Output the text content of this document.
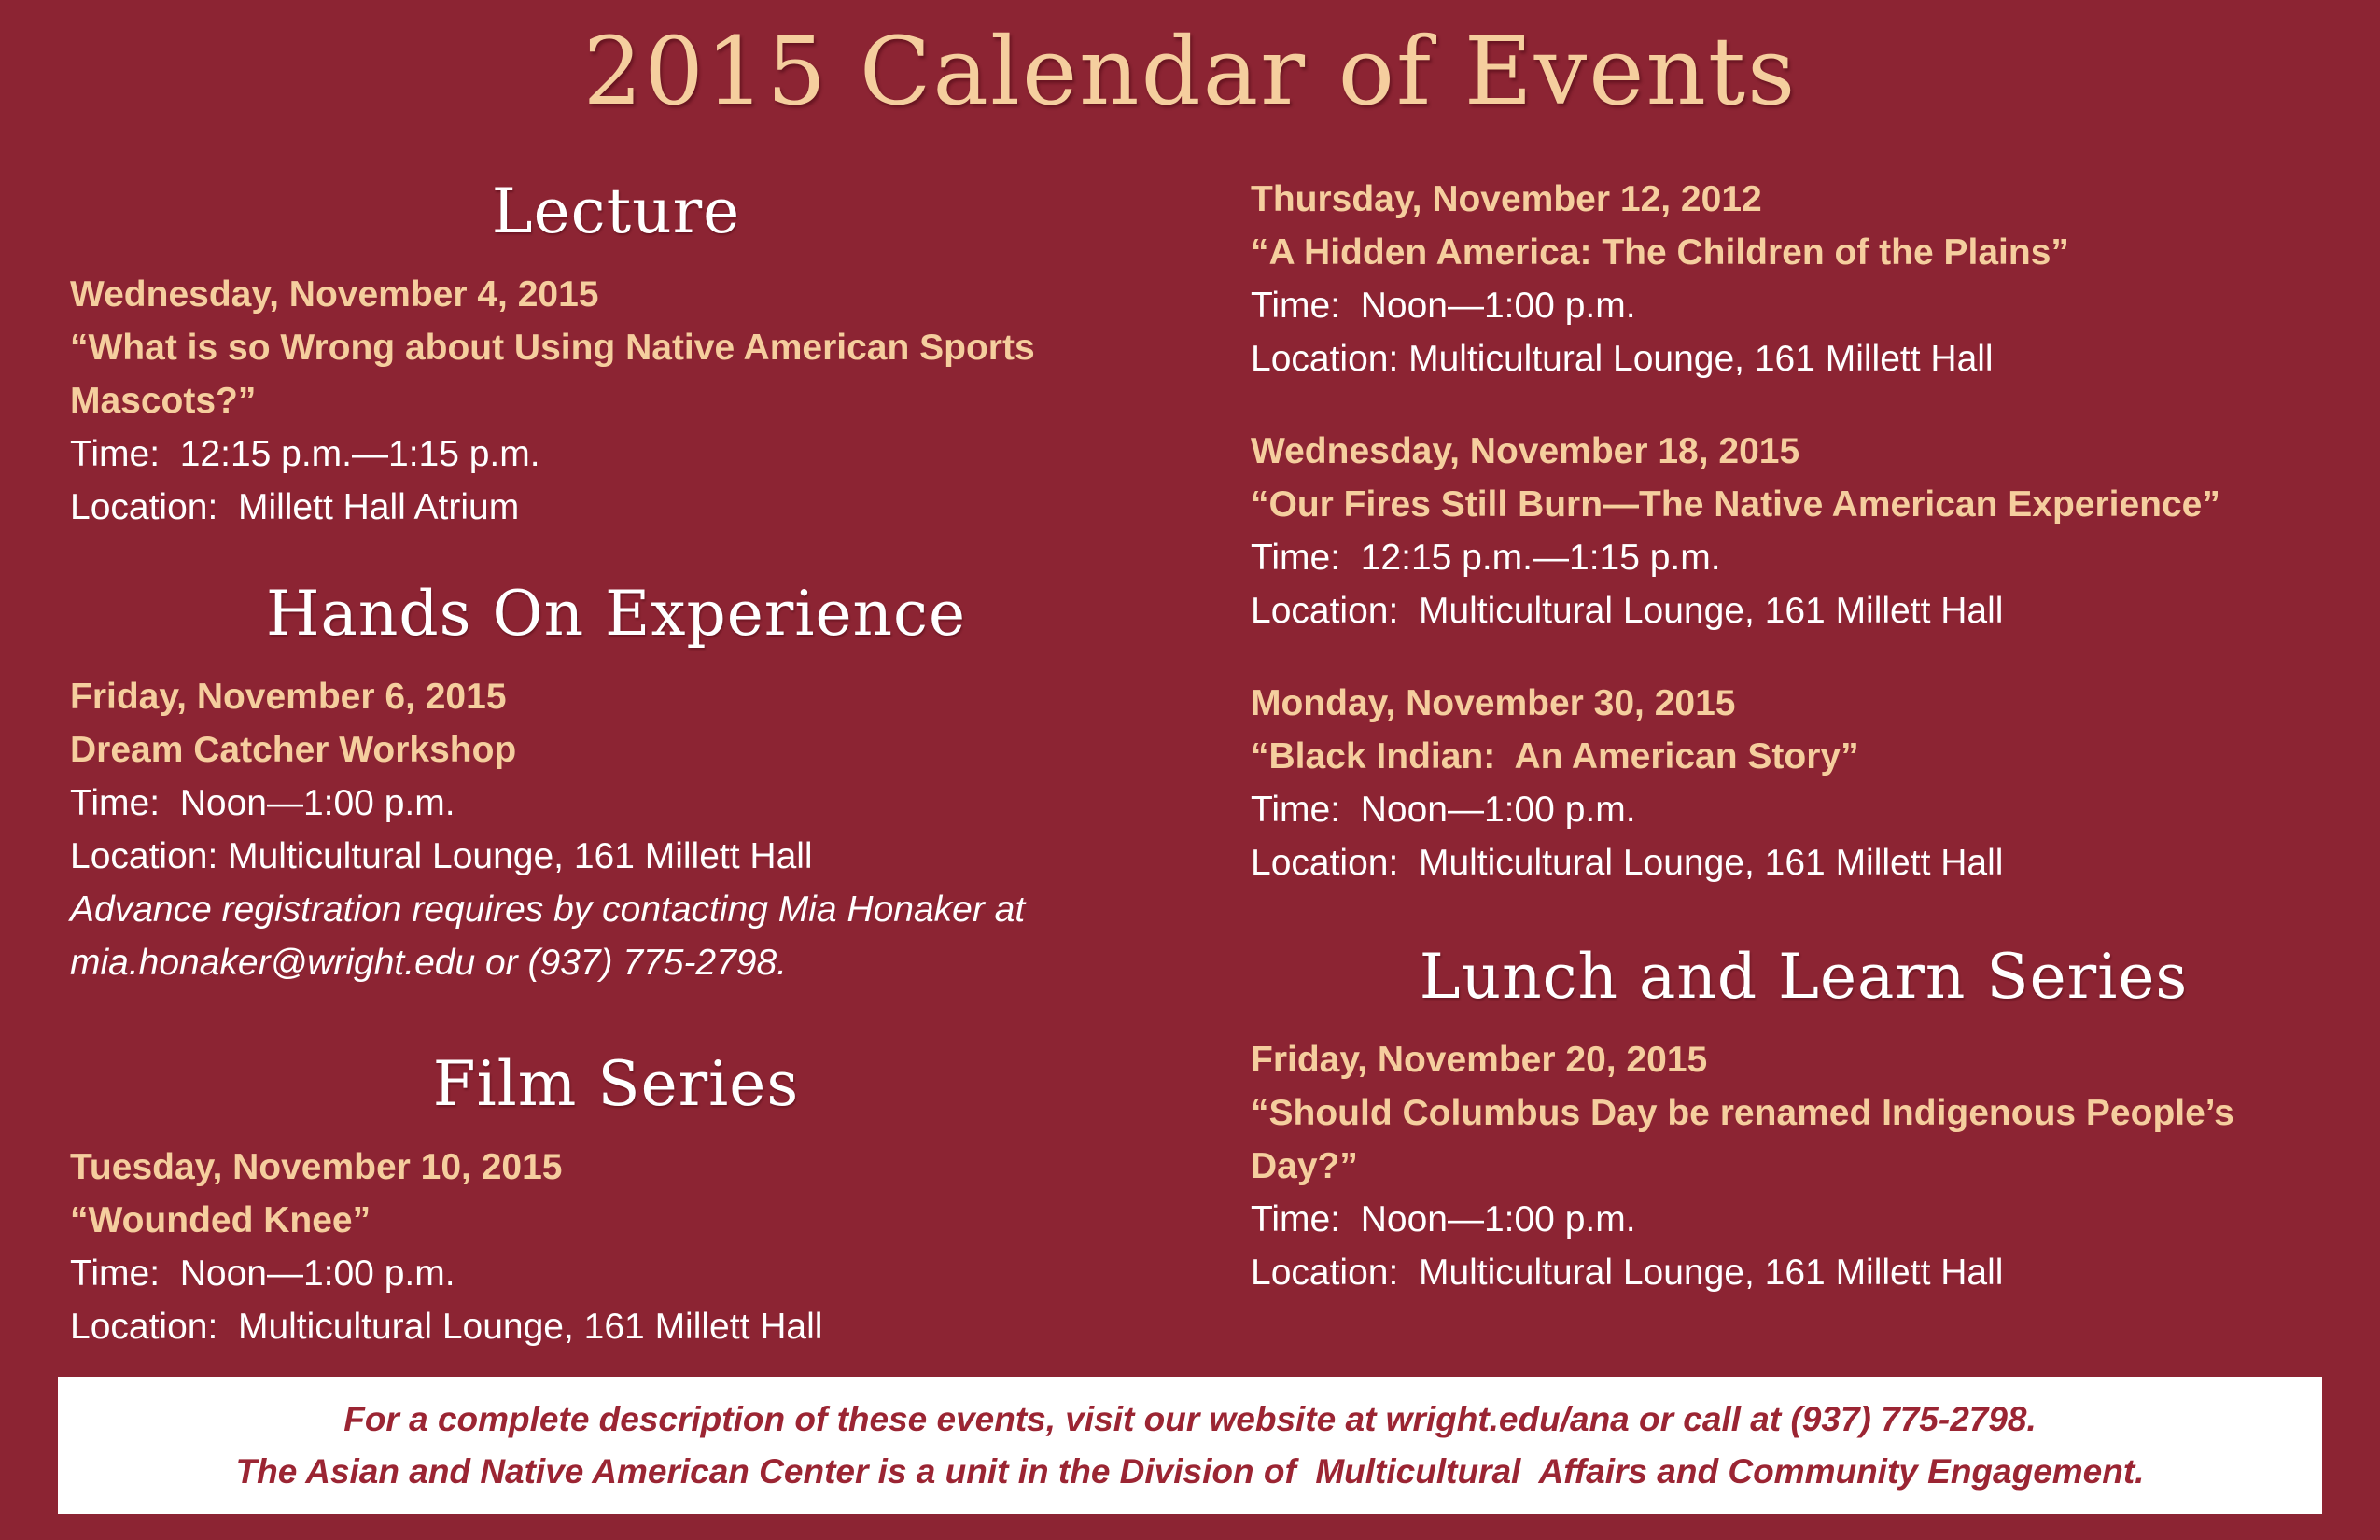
2015 Calendar of Events
Lecture

Wednesday, November 4, 2015

“What is so Wrong about Using Native American Sports Mascots?”

Time:  12:15 p.m.—1:15 p.m.

Location:  Millett Hall Atrium

Hands On Experience

Friday, November 6, 2015

Dream Catcher Workshop

Time:  Noon—1:00 p.m.

Location: Multicultural Lounge, 161 Millett Hall

Advance registration requires by contacting Mia Honaker at mia.honaker@wright.edu or (937) 775-2798.

Film Series

Tuesday, November 10, 2015

“Wounded Knee”

Time:  Noon—1:00 p.m.

Location:  Multicultural Lounge, 161 Millett Hall

Thursday, November 12, 2012

“A Hidden America: The Children of the Plains”

Time:  Noon—1:00 p.m.

Location: Multicultural Lounge, 161 Millett Hall

Wednesday, November 18, 2015

“Our Fires Still Burn—The Native American Experience”

Time:  12:15 p.m.—1:15 p.m.

Location:  Multicultural Lounge, 161 Millett Hall

Monday, November 30, 2015

“Black Indian:  An American Story”

Time:  Noon—1:00 p.m.

Location:  Multicultural Lounge, 161 Millett Hall

Lunch and Learn Series

Friday, November 20, 2015

“Should Columbus Day be renamed Indigenous People’s Day?”

Time:  Noon—1:00 p.m.

Location:  Multicultural Lounge, 161 Millett Hall

For a complete description of these events, visit our website at wright.edu/ana or call at (937) 775-2798.

The Asian and Native American Center is a unit in the Division of  Multicultural  Affairs and Community Engagement.
